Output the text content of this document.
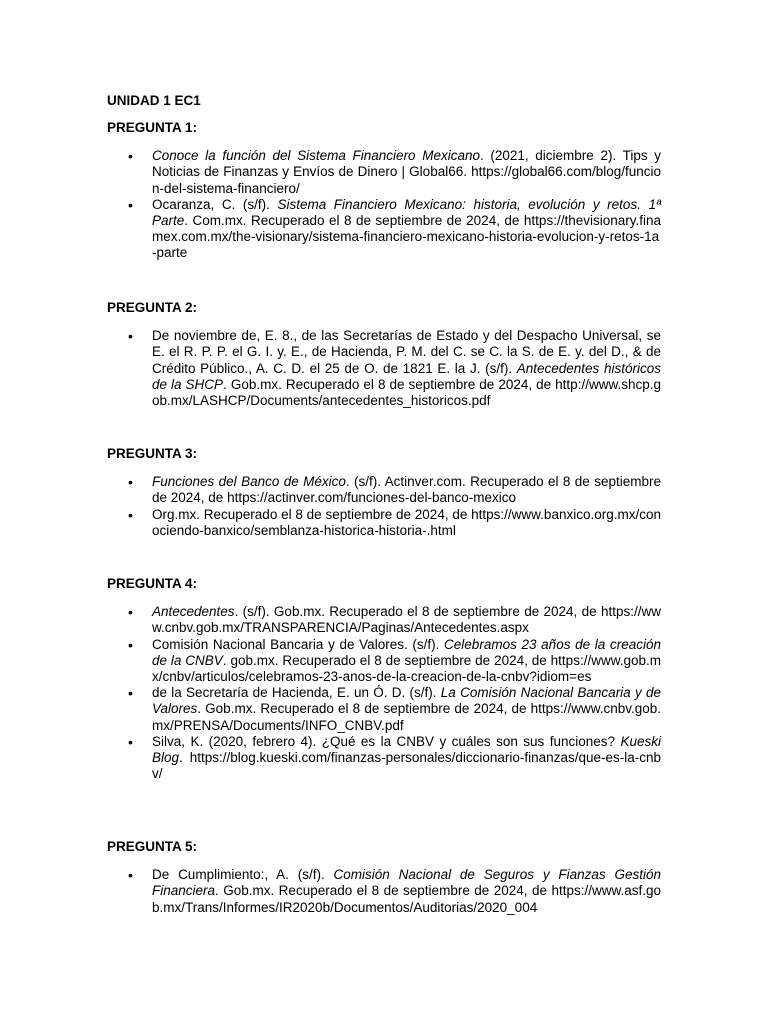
UNIDAD 1 EC1

PREGUNTA 1:
• Conoce la función del Sistema Financiero Mexicano. (2021, diciembre 2). Tips y Noticias de Finanzas y Envíos de Dinero | Global66. https://global66.com/blog/funcion-del-sistema-financiero/
• Ocaranza, C. (s/f). Sistema Financiero Mexicano: historia, evolución y retos. 1ª Parte. Com.mx. Recuperado el 8 de septiembre de 2024, de https://thevisionary.finamex.com.mx/the-visionary/sistema-financiero-mexicano-historia-evolucion-y-retos-1a-parte
PREGUNTA 2:
• De noviembre de, E. 8., de las Secretarías de Estado y del Despacho Universal, se E. el R. P. P. el G. I. y. E., de Hacienda, P. M. del C. se C. la S. de E. y. del D., & de Crédito Público., A. C. D. el 25 de O. de 1821 E. la J. (s/f). Antecedentes históricos de la SHCP. Gob.mx. Recuperado el 8 de septiembre de 2024, de http://www.shcp.gob.mx/LASHCP/Documents/antecedentes_historicos.pdf
PREGUNTA 3:
• Funciones del Banco de México. (s/f). Actinver.com. Recuperado el 8 de septiembre de 2024, de https://actinver.com/funciones-del-banco-mexico
• Org.mx. Recuperado el 8 de septiembre de 2024, de https://www.banxico.org.mx/conociendo-banxico/semblanza-historica-historia-.html
PREGUNTA 4:
• Antecedentes. (s/f). Gob.mx. Recuperado el 8 de septiembre de 2024, de https://www.cnbv.gob.mx/TRANSPARENCIA/Paginas/Antecedentes.aspx
• Comisión Nacional Bancaria y de Valores. (s/f). Celebramos 23 años de la creación de la CNBV. gob.mx. Recuperado el 8 de septiembre de 2024, de https://www.gob.mx/cnbv/articulos/celebramos-23-anos-de-la-creacion-de-la-cnbv?idiom=es
• de la Secretaría de Hacienda, E. un Ó. D. (s/f). La Comisión Nacional Bancaria y de Valores. Gob.mx. Recuperado el 8 de septiembre de 2024, de https://www.cnbv.gob.mx/PRENSA/Documents/INFO_CNBV.pdf
• Silva, K. (2020, febrero 4). ¿Qué es la CNBV y cuáles son sus funciones? Kueski Blog. https://blog.kueski.com/finanzas-personales/diccionario-finanzas/que-es-la-cnbv/
PREGUNTA 5:
• De Cumplimiento:, A. (s/f). Comisión Nacional de Seguros y Fianzas Gestión Financiera. Gob.mx. Recuperado el 8 de septiembre de 2024, de https://www.asf.gob.mx/Trans/Informes/IR2020b/Documentos/Auditorias/2020_004
